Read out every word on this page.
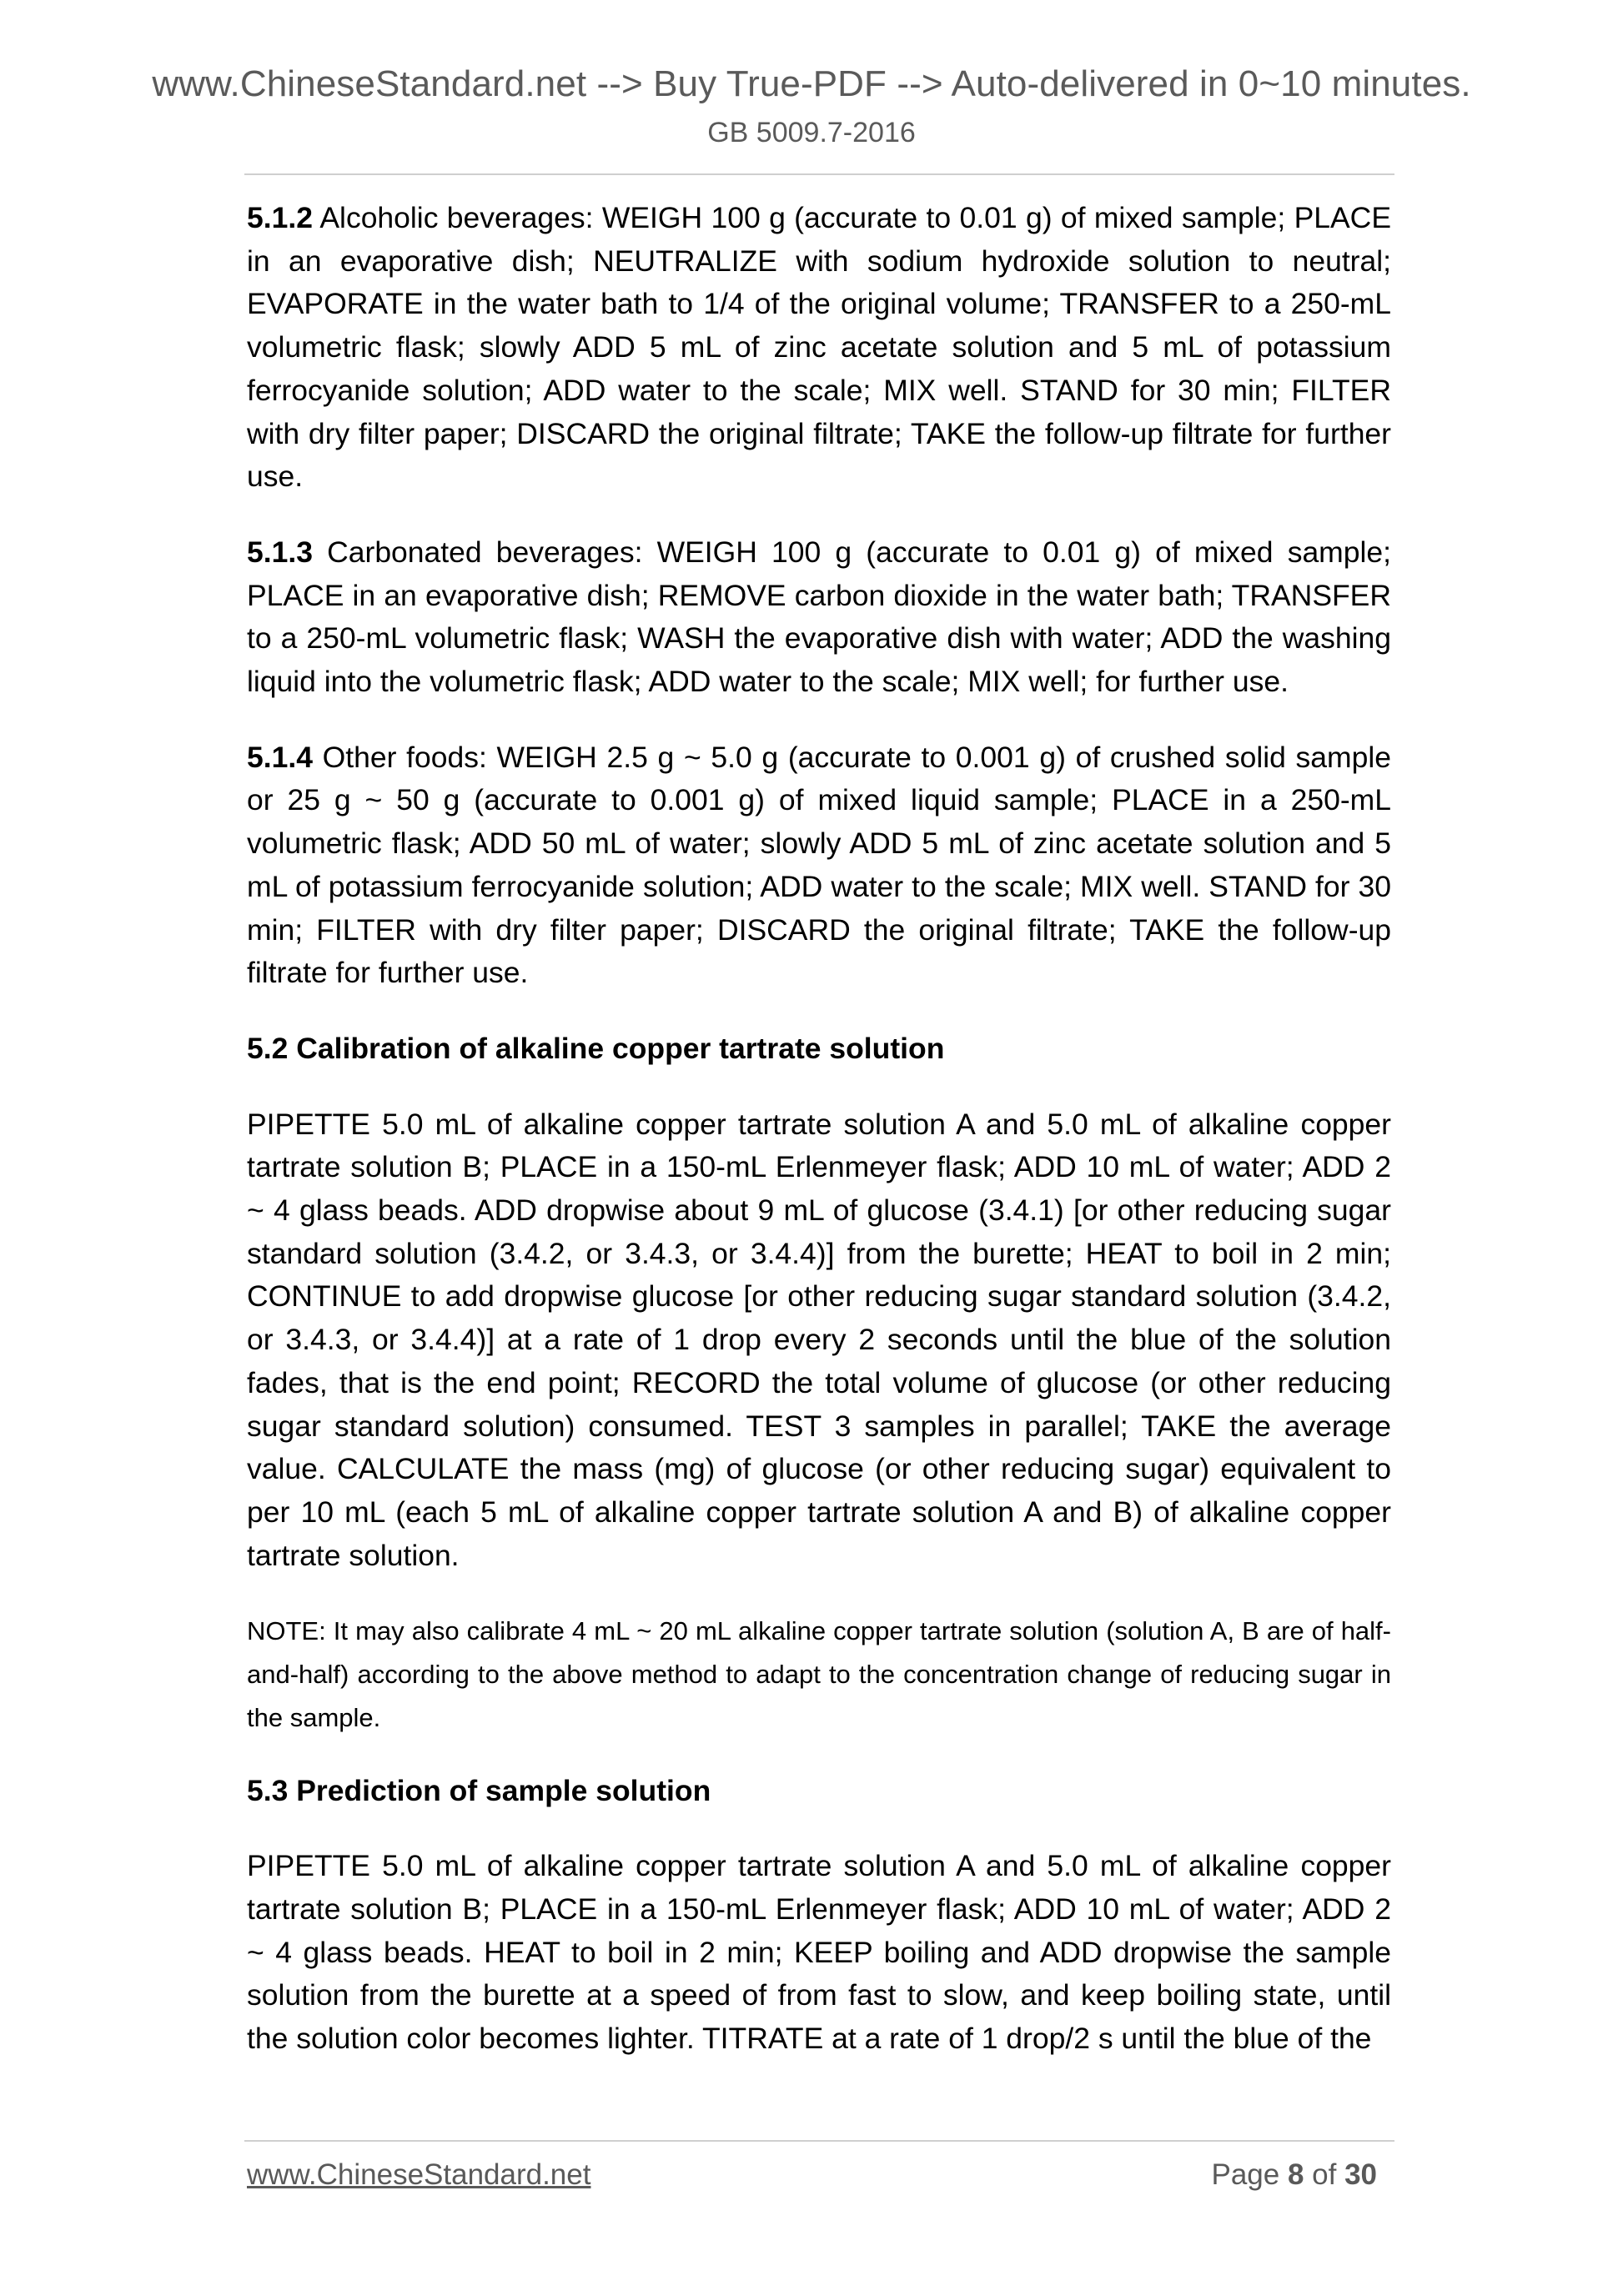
www.ChineseStandard.net --> Buy True-PDF --> Auto-delivered in 0~10 minutes.
GB 5009.7-2016

5.1.2 Alcoholic beverages: WEIGH 100 g (accurate to 0.01 g) of mixed sample; PLACE in an evaporative dish; NEUTRALIZE with sodium hydroxide solution to neutral; EVAPORATE in the water bath to 1/4 of the original volume; TRANSFER to a 250-mL volumetric flask; slowly ADD 5 mL of zinc acetate solution and 5 mL of potassium ferrocyanide solution; ADD water to the scale; MIX well. STAND for 30 min; FILTER with dry filter paper; DISCARD the original filtrate; TAKE the follow-up filtrate for further use.

5.1.3 Carbonated beverages: WEIGH 100 g (accurate to 0.01 g) of mixed sample; PLACE in an evaporative dish; REMOVE carbon dioxide in the water bath; TRANSFER to a 250-mL volumetric flask; WASH the evaporative dish with water; ADD the washing liquid into the volumetric flask; ADD water to the scale; MIX well; for further use.

5.1.4 Other foods: WEIGH 2.5 g ~ 5.0 g (accurate to 0.001 g) of crushed solid sample or 25 g ~ 50 g (accurate to 0.001 g) of mixed liquid sample; PLACE in a 250-mL volumetric flask; ADD 50 mL of water; slowly ADD 5 mL of zinc acetate solution and 5 mL of potassium ferrocyanide solution; ADD water to the scale; MIX well. STAND for 30 min; FILTER with dry filter paper; DISCARD the original filtrate; TAKE the follow-up filtrate for further use.

5.2 Calibration of alkaline copper tartrate solution

PIPETTE 5.0 mL of alkaline copper tartrate solution A and 5.0 mL of alkaline copper tartrate solution B; PLACE in a 150-mL Erlenmeyer flask; ADD 10 mL of water; ADD 2 ~ 4 glass beads. ADD dropwise about 9 mL of glucose (3.4.1) [or other reducing sugar standard solution (3.4.2, or 3.4.3, or 3.4.4)] from the burette; HEAT to boil in 2 min; CONTINUE to add dropwise glucose [or other reducing sugar standard solution (3.4.2, or 3.4.3, or 3.4.4)] at a rate of 1 drop every 2 seconds until the blue of the solution fades, that is the end point; RECORD the total volume of glucose (or other reducing sugar standard solution) consumed. TEST 3 samples in parallel; TAKE the average value. CALCULATE the mass (mg) of glucose (or other reducing sugar) equivalent to per 10 mL (each 5 mL of alkaline copper tartrate solution A and B) of alkaline copper tartrate solution.

NOTE: It may also calibrate 4 mL ~ 20 mL alkaline copper tartrate solution (solution A, B are of half-and-half) according to the above method to adapt to the concentration change of reducing sugar in the sample.

5.3 Prediction of sample solution

PIPETTE 5.0 mL of alkaline copper tartrate solution A and 5.0 mL of alkaline copper tartrate solution B; PLACE in a 150-mL Erlenmeyer flask; ADD 10 mL of water; ADD 2 ~ 4 glass beads. HEAT to boil in 2 min; KEEP boiling and ADD dropwise the sample solution from the burette at a speed of from fast to slow, and keep boiling state, until the solution color becomes lighter. TITRATE at a rate of 1 drop/2 s until the blue of the

www.ChineseStandard.net	Page 8 of 30
